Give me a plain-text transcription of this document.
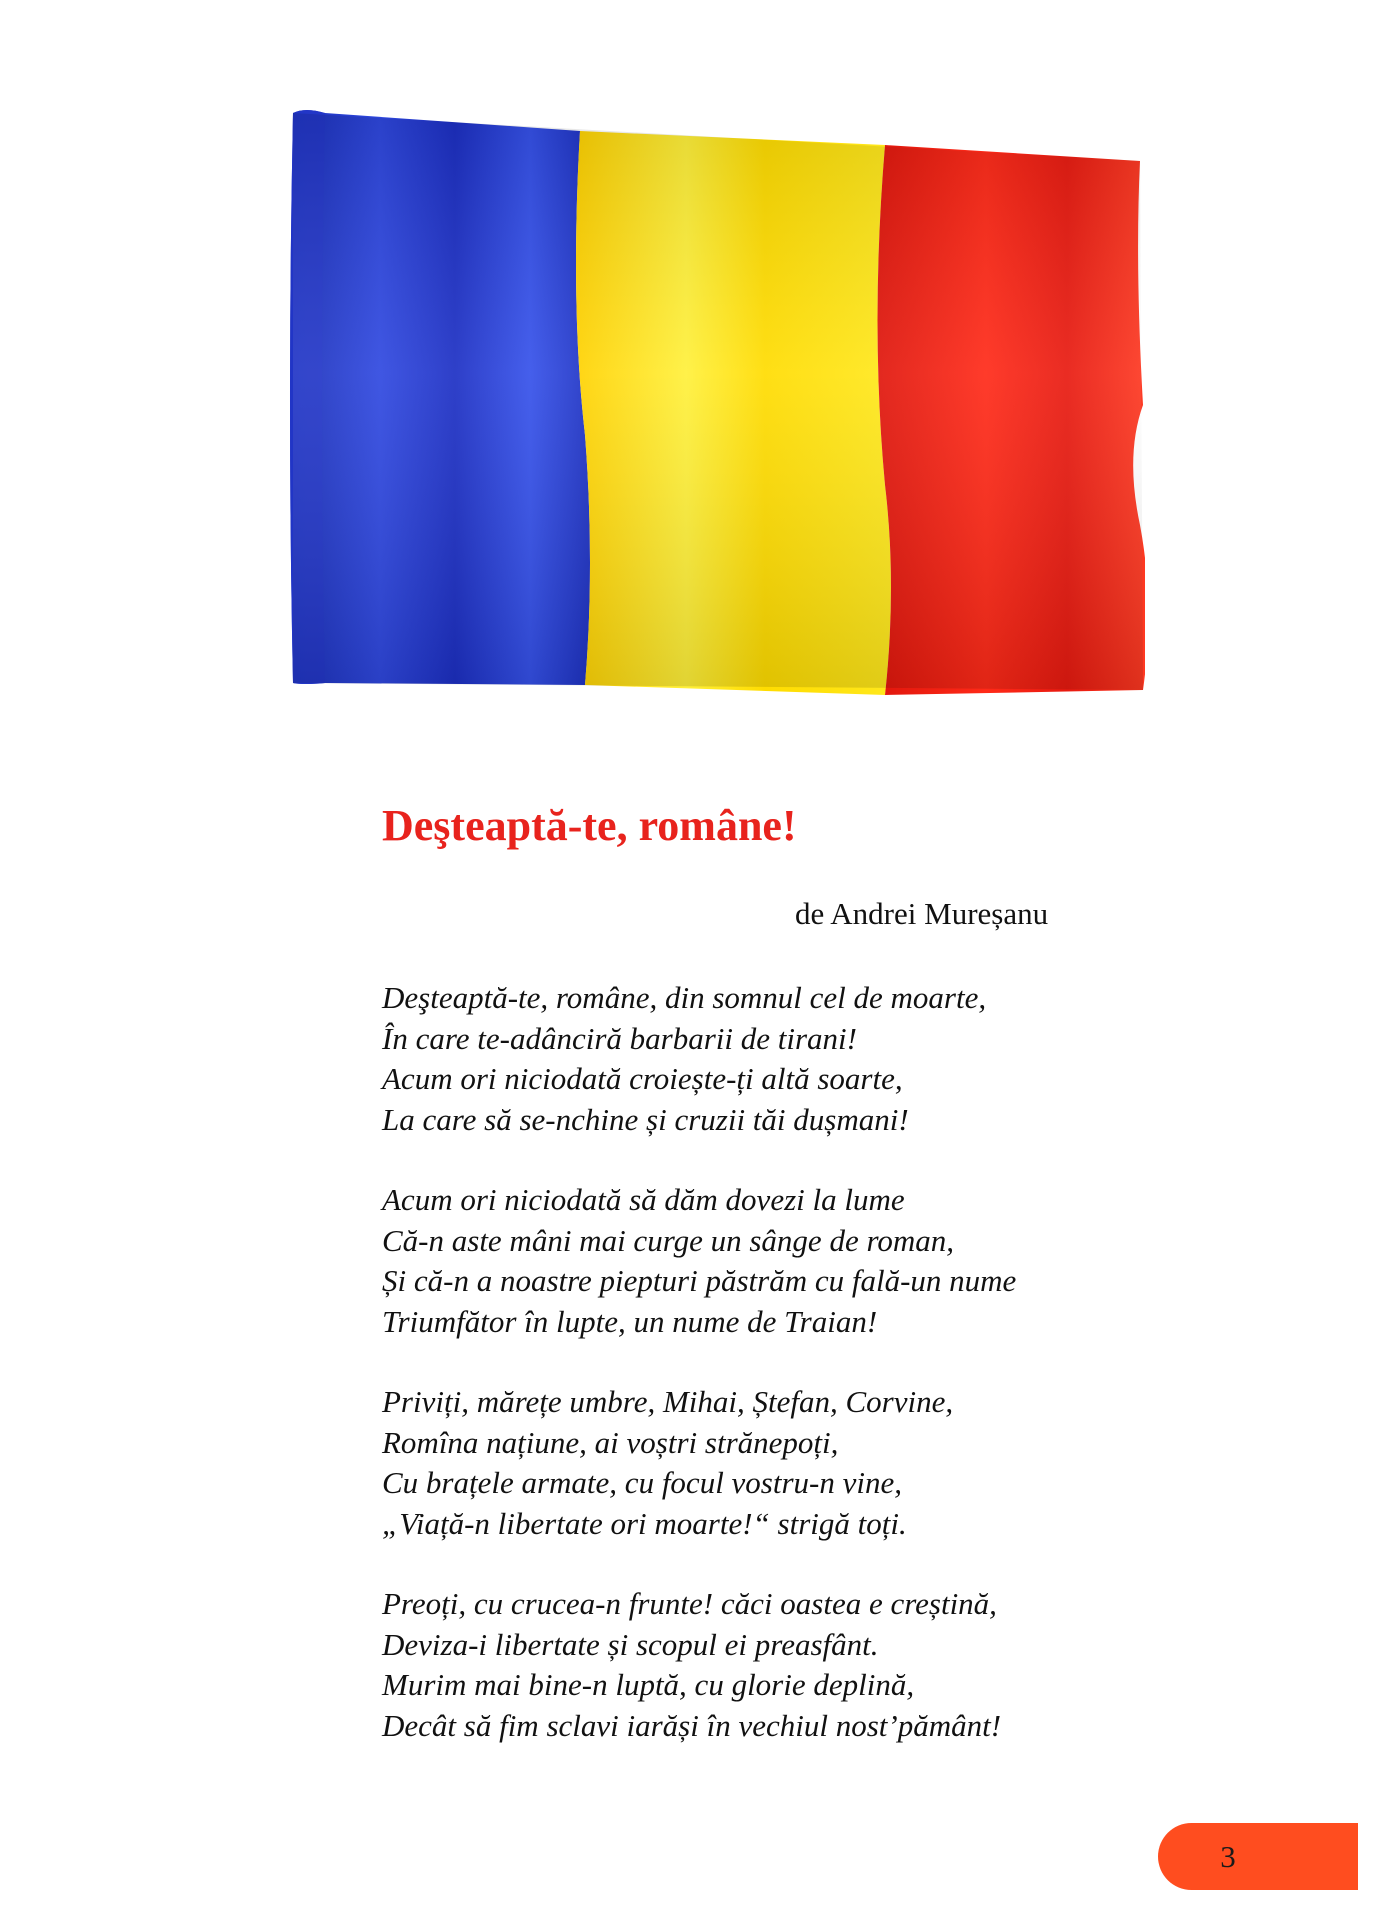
Deşteaptă-te, române!
de Andrei Mureșanu
Deşteaptă-te, române, din somnul cel de moarte,
În care te-adânciră barbarii de tirani!
Acum ori niciodată croiește-ți altă soarte,
La care să se-nchine și cruzii tăi dușmani!
Acum ori niciodată să dăm dovezi la lume
Că-n aste mâni mai curge un sânge de roman,
Și că-n a noastre piepturi păstrăm cu fală-un nume
Triumfător în lupte, un nume de Traian!
Priviți, mărețe umbre, Mihai, Ștefan, Corvine,
Romîna națiune, ai voștri strănepoți,
Cu brațele armate, cu focul vostru-n vine,
„Viață-n libertate ori moarte!“ strigă toți.
Preoți, cu crucea-n frunte! căci oastea e creștină,
Deviza-i libertate și scopul ei preasfânt.
Murim mai bine-n luptă, cu glorie deplină,
Decât să fim sclavi iarăși în vechiul nost’pământ!
3
